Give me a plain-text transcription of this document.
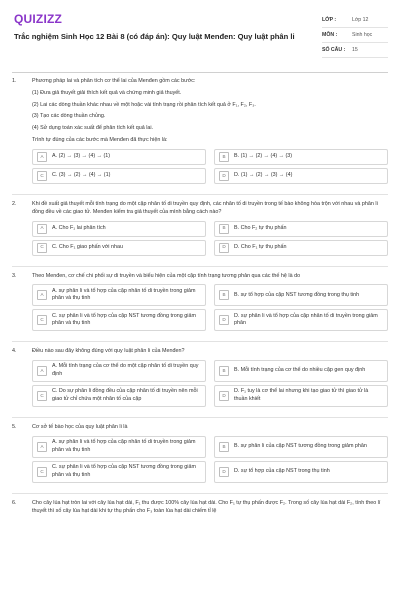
QUIZIZZ
Trắc nghiệm Sinh Học 12 Bài 8 (có đáp án): Quy luật Menđen: Quy luật phân li
LỚP :	Lớp 12
MÔN :	Sinh học
SỐ CÂU :	15
1.	Phương pháp lai và phân tích cơ thể lai của Menđen gồm các bước:

(1) Đưa giả thuyết giải thích kết quả và chứng minh giả thuyết.

(2) Lai các dòng thuần khác nhau về một hoặc vài tính trạng rồi phân tích kết quả ở F₁, F₂, F₃.

(3) Tạo các dòng thuần chủng.

(4) Sử dụng toán xác suất để phân tích kết quả lai.

Trình tự đúng của các bước mà Menđen đã thực hiện là:

A	A. (2) → (3) → (4) → (1)	B	B. (1) → (2) → (4) → (3)
C	C. (3) → (2) → (4) → (1)	D	D. (1) → (2) → (3) → (4)
2.	Khi đề xuất giả thuyết mỗi tính trạng do một cặp nhân tố di truyền quy định, các nhân tố di truyền trong tế bào không hòa trộn với nhau và phân li đồng đều về các giao tử. Menđen kiểm tra giả thuyết của mình bằng cách nào?

A	A. Cho F₁ lai phân tích	B	B. Cho F₂ tự thụ phấn
C	C. Cho F₁ giao phấn với nhau	D	D. Cho F₁ tự thụ phấn
3.	Theo Menđen, cơ chế chi phối sự di truyền và biểu hiện của một cặp tính trạng tương phản qua các thế hệ là do

A
A. sự phân li và tổ hợp của cặp nhân tố di truyền trong giảm phân và thụ tinh
B	B. sự tổ hợp của cặp NST tương đồng trong thụ tinh
C
C. sự phân li và tổ hợp của cặp NST tương đồng trong giảm phân và thụ tinh
D
D. sự phân li và tổ hợp của cặp nhân tố di truyền trong giảm phân
4.	Điều nào sau đây không đúng với quy luật phân li của Menđen?

A
A. Mỗi tính trạng của cơ thể do một cặp nhân tố di truyền quy định
B	B. Mỗi tính trạng của cơ thể do nhiều cặp gen quy định
C
C. Do sự phân li đồng đều của cặp nhân tố di truyền nên mỗi giao tử chỉ chứa một nhân tố của cặp
D
D. F₁ tuy là cơ thể lai nhưng khi tạo giao tử thì giao tử là thuần khiết
5.	Cơ sở tế bào học của quy luật phân li là

A
A. sự phân li và tổ hợp của cặp nhân tố di truyền trong giảm phân và thụ tinh
B	B. sự phân li của cặp NST tương đồng trong giảm phân
C
C. sự phân li và tổ hợp của cặp NST tương đồng trong giảm phân và thụ tinh
D	D. sự tổ hợp của cặp NST trong thụ tinh
6.	Cho cây lúa hạt tròn lai với cây lúa hạt dài, F₁ thu được 100% cây lúa hạt dài. Cho F₁ tự thụ phấn được F₂. Trong số cây lúa hạt dài F₂, tính theo lí thuyết thì số cây lúa hạt dài khi tự thụ phấn cho F₃ toàn lúa hạt dài chiếm tỉ lệ
